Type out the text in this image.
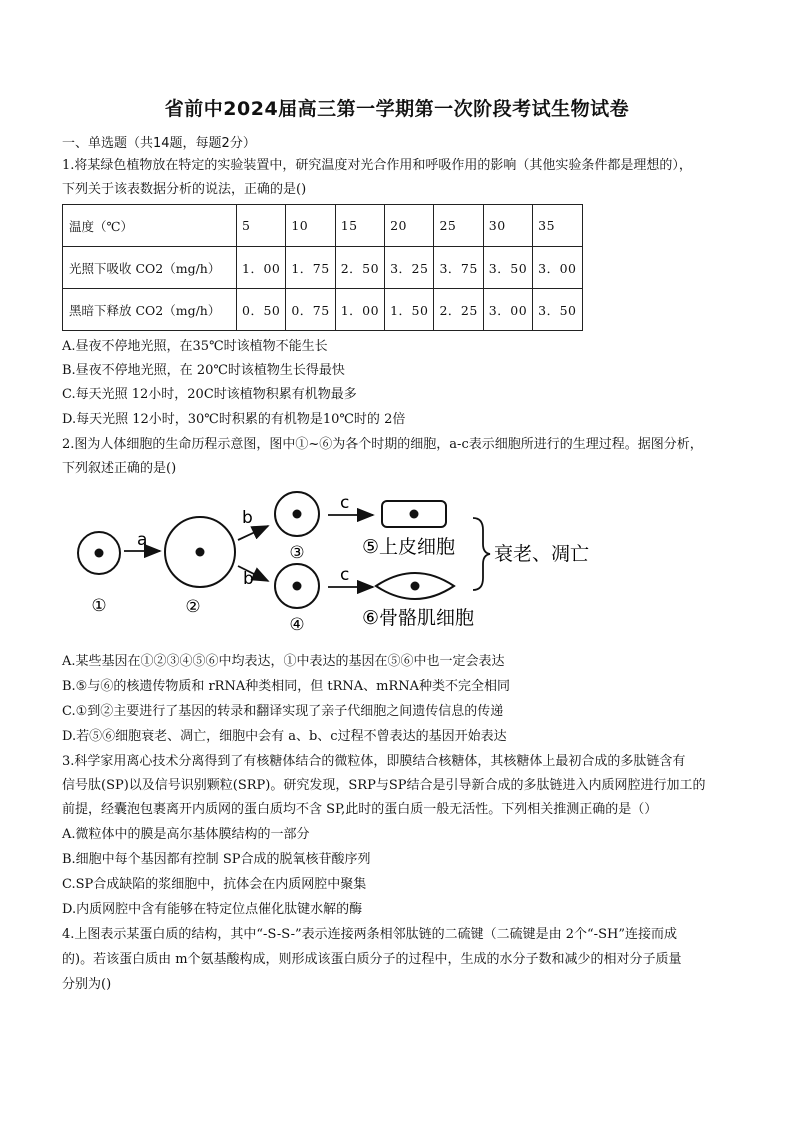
省前中2024届高三第一学期第一次阶段考试生物试卷
一、单选题（共14题，每题2分）
1.将某绿色植物放在特定的实验装置中，研究温度对光合作用和呼吸作用的影响（其他实验条件都是理想的），
下列关于该表数据分析的说法，正确的是()
温度（℃）	5	10	15	20	25	30	35
光照下吸收 CO2（mg/h）	1．00	1．75	2．50	3．25	3．75	3．50	3．00
黑暗下释放 CO2（mg/h）	0．50	0．75	1．00	1．50	2．25	3．00	3．50
A.昼夜不停地光照，在35℃时该植物不能生长
B.昼夜不停地光照，在 20℃时该植物生长得最快
C.每天光照 12小时，20C时该植物积累有机物最多
D.每天光照 12小时，30℃时积累的有机物是10℃时的 2倍
2.图为人体细胞的生命历程示意图，图中①~⑥为各个时期的细胞，a-c表示细胞所进行的生理过程。据图分析，
下列叙述正确的是()
①
a
②
b
b
③
④
c
c
⑤上皮细胞
⑥骨骼肌细胞
衰老、凋亡
A.某些基因在①②③④⑤⑥中均表达，①中表达的基因在⑤⑥中也一定会表达
B.⑤与⑥的核遗传物质和 rRNA种类相同，但 tRNA、mRNA种类不完全相同
C.①到②主要进行了基因的转录和翻译实现了亲子代细胞之间遗传信息的传递
D.若⑤⑥细胞衰老、凋亡，细胞中会有 a、b、c过程不曾表达的基因开始表达
3.科学家用离心技术分离得到了有核糖体结合的微粒体，即膜结合核糖体，其核糖体上最初合成的多肽链含有
信号肽(SP)以及信号识别颗粒(SRP)。研究发现，SRP与SP结合是引导新合成的多肽链进入内质网腔进行加工的
前提，经囊泡包裹离开内质网的蛋白质均不含 SP,此时的蛋白质一般无活性。下列相关推测正确的是（）
A.微粒体中的膜是高尔基体膜结构的一部分
B.细胞中每个基因都有控制 SP合成的脱氧核苷酸序列
C.SP合成缺陷的浆细胞中，抗体会在内质网腔中聚集
D.内质网腔中含有能够在特定位点催化肽键水解的酶
4.上图表示某蛋白质的结构，其中“-S-S-”表示连接两条相邻肽链的二硫键（二硫键是由 2个“-SH”连接而成
的)。若该蛋白质由 m个氨基酸构成，则形成该蛋白质分子的过程中，生成的水分子数和减少的相对分子质量
分别为()
